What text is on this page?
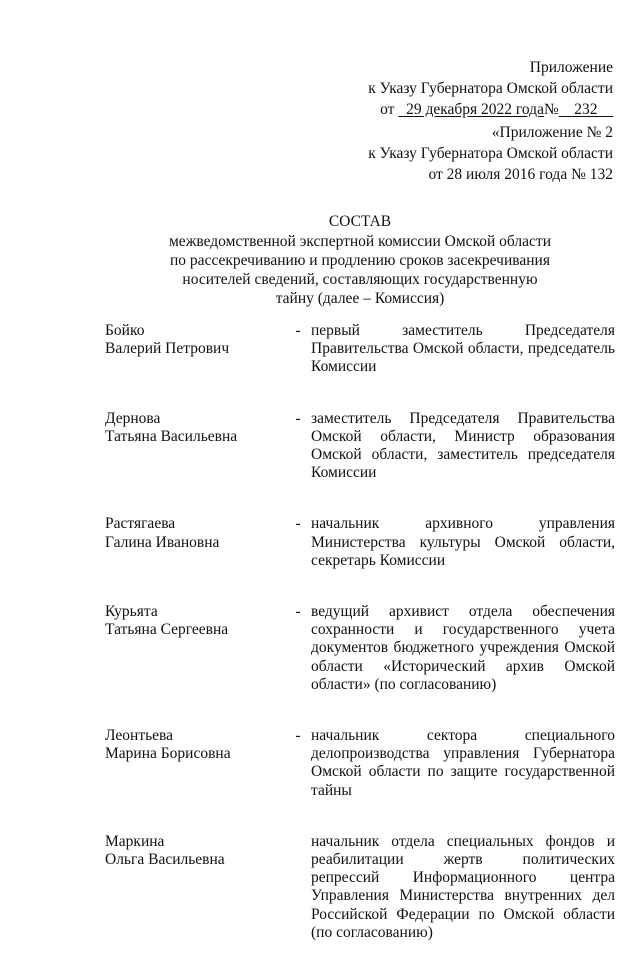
Приложение
к Указу Губернатора Омской области
от   29 декабря 2022 года№ 232
«Приложение № 2
к Указу Губернатора Омской области
от 28 июля 2016 года № 132
СОСТАВ
межведомственной экспертной комиссии Омской области
по рассекречиванию и продлению сроков засекречивания
носителей сведений, составляющих государственную
тайну (далее – Комиссия)
Бойко
Валерий Петрович
- первый заместитель Председателя Правительства Омской области, председатель Комиссии
Дернова
Татьяна Васильевна
- заместитель Председателя Правительства Омской области, Министр образования Омской области, заместитель председателя Комиссии
Растягаева
Галина Ивановна
- начальник архивного управления Министерства культуры Омской области, секретарь Комиссии
Курьята
Татьяна Сергеевна
- ведущий архивист отдела обеспечения сохранности и государственного учета документов бюджетного учреждения Омской области «Исторический архив Омской области» (по согласованию)
Леонтьева
Марина Борисовна
- начальник сектора специального делопроизводства управления Губернатора Омской области по защите государственной тайны
Маркина
Ольга Васильевна
начальник отдела специальных фондов и реабилитации жертв политических репрессий Информационного центра Управления Министерства внутренних дел Российской Федерации по Омской области (по согласованию)
